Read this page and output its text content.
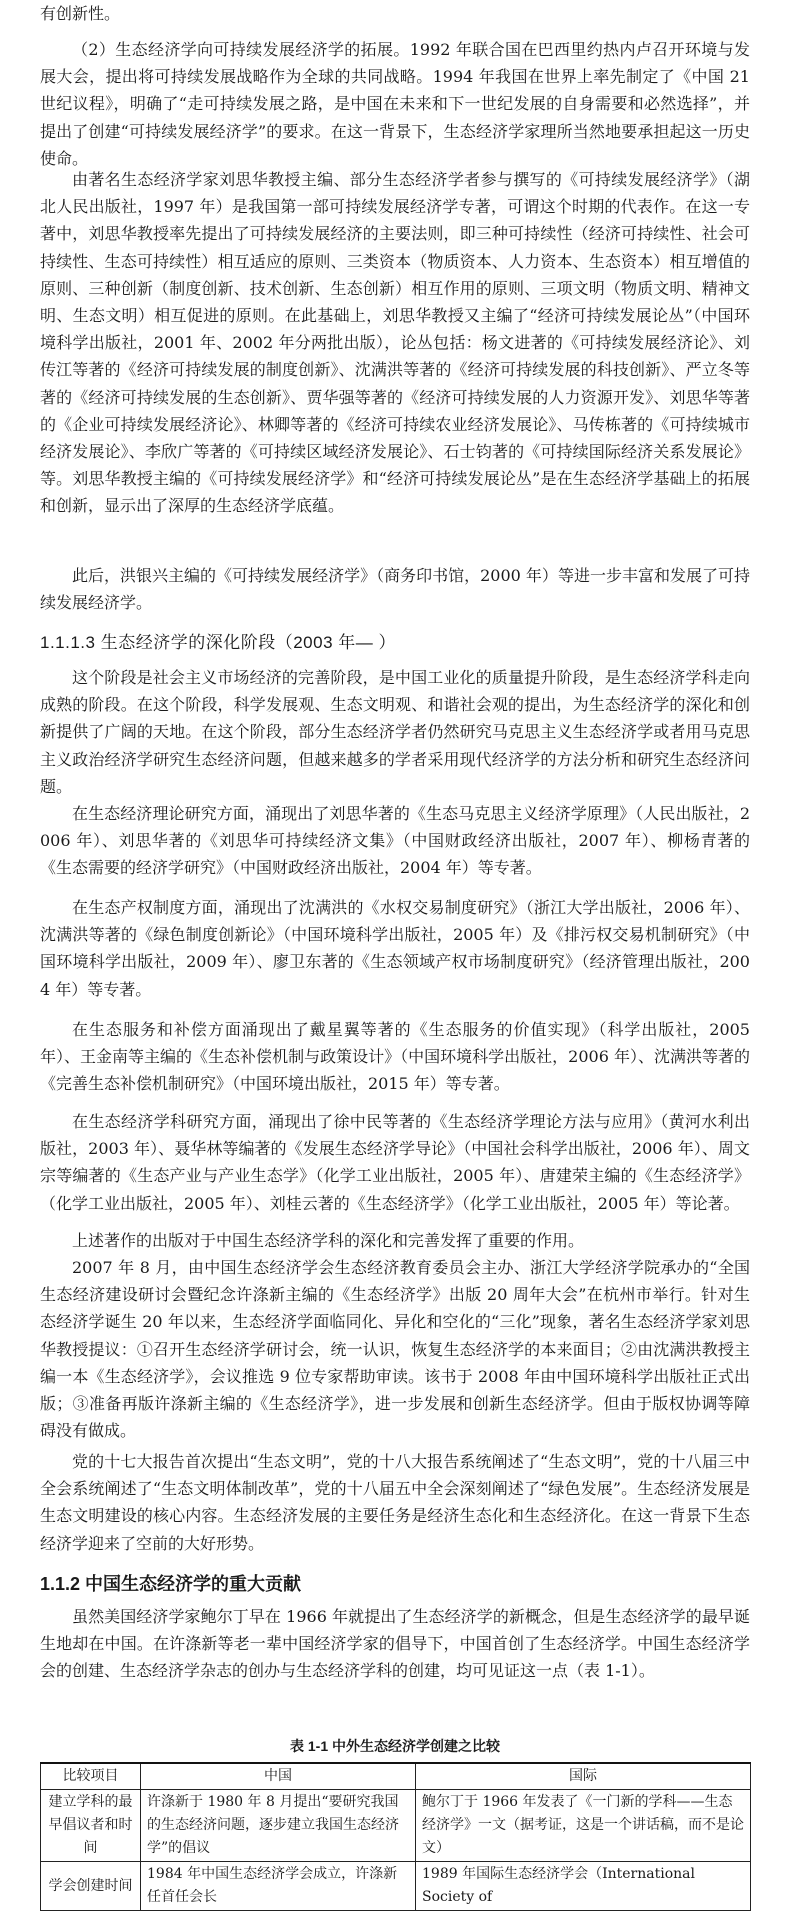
有创新性。

（2）生态经济学向可持续发展经济学的拓展。1992 年联合国在巴西里约热内卢召开环境与发展大会，提出将可持续发展战略作为全球的共同战略。1994 年我国在世界上率先制定了《中国 21 世纪议程》，明确了“走可持续发展之路，是中国在未来和下一世纪发展的自身需要和必然选择”，并提出了创建“可持续发展经济学”的要求。在这一背景下，生态经济学家理所当然地要承担起这一历史使命。

由著名生态经济学家刘思华教授主编、部分生态经济学者参与撰写的《可持续发展经济学》（湖北人民出版社，1997 年）是我国第一部可持续发展经济学专著，可谓这个时期的代表作。在这一专著中，刘思华教授率先提出了可持续发展经济的主要法则，即三种可持续性（经济可持续性、社会可持续性、生态可持续性）相互适应的原则、三类资本（物质资本、人力资本、生态资本）相互增值的原则、三种创新（制度创新、技术创新、生态创新）相互作用的原则、三项文明（物质文明、精神文明、生态文明）相互促进的原则。在此基础上，刘思华教授又主编了“经济可持续发展论丛”（中国环境科学出版社，2001 年、2002 年分两批出版），论丛包括：杨文进著的《可持续发展经济论》、刘传江等著的《经济可持续发展的制度创新》、沈满洪等著的《经济可持续发展的科技创新》、严立冬等著的《经济可持续发展的生态创新》、贾华强等著的《经济可持续发展的人力资源开发》、刘思华等著的《企业可持续发展经济论》、林卿等著的《经济可持续农业经济发展论》、马传栋著的《可持续城市经济发展论》、李欣广等著的《可持续区域经济发展论》、石士钧著的《可持续国际经济关系发展论》等。刘思华教授主编的《可持续发展经济学》和“经济可持续发展论丛”是在生态经济学基础上的拓展和创新，显示出了深厚的生态经济学底蕴。

此后，洪银兴主编的《可持续发展经济学》（商务印书馆，2000 年）等进一步丰富和发展了可持续发展经济学。

1.1.1.3 生态经济学的深化阶段（2003 年— ）

这个阶段是社会主义市场经济的完善阶段，是中国工业化的质量提升阶段，是生态经济学科走向成熟的阶段。在这个阶段，科学发展观、生态文明观、和谐社会观的提出，为生态经济学的深化和创新提供了广阔的天地。在这个阶段，部分生态经济学者仍然研究马克思主义生态经济学或者用马克思主义政治经济学研究生态经济问题，但越来越多的学者采用现代经济学的方法分析和研究生态经济问题。

在生态经济理论研究方面，涌现出了刘思华著的《生态马克思主义经济学原理》（人民出版社，2006 年）、刘思华著的《刘思华可持续经济文集》（中国财政经济出版社，2007 年）、柳杨青著的《生态需要的经济学研究》（中国财政经济出版社，2004 年）等专著。

在生态产权制度方面，涌现出了沈满洪的《水权交易制度研究》（浙江大学出版社，2006 年）、沈满洪等著的《绿色制度创新论》（中国环境科学出版社，2005 年）及《排污权交易机制研究》（中国环境科学出版社，2009 年）、廖卫东著的《生态领域产权市场制度研究》（经济管理出版社，2004 年）等专著。

在生态服务和补偿方面涌现出了戴星翼等著的《生态服务的价值实现》（科学出版社，2005 年）、王金南等主编的《生态补偿机制与政策设计》（中国环境科学出版社，2006 年）、沈满洪等著的《完善生态补偿机制研究》（中国环境出版社，2015 年）等专著。

在生态经济学科研究方面，涌现出了徐中民等著的《生态经济学理论方法与应用》（黄河水利出版社，2003 年）、聂华林等编著的《发展生态经济学导论》（中国社会科学出版社，2006 年）、周文宗等编著的《生态产业与产业生态学》（化学工业出版社，2005 年）、唐建荣主编的《生态经济学》（化学工业出版社，2005 年）、刘桂云著的《生态经济学》（化学工业出版社，2005 年）等论著。

上述著作的出版对于中国生态经济学科的深化和完善发挥了重要的作用。

2007 年 8 月，由中国生态经济学会生态经济教育委员会主办、浙江大学经济学院承办的“全国生态经济建设研讨会暨纪念许涤新主编的《生态经济学》出版 20 周年大会”在杭州市举行。针对生态经济学诞生 20 年以来，生态经济学面临同化、异化和空化的“三化”现象，著名生态经济学家刘思华教授提议：①召开生态经济学研讨会，统一认识，恢复生态经济学的本来面目；②由沈满洪教授主编一本《生态经济学》，会议推选 9 位专家帮助审读。该书于 2008 年由中国环境科学出版社正式出版；③准备再版许涤新主编的《生态经济学》，进一步发展和创新生态经济学。但由于版权协调等障碍没有做成。

党的十七大报告首次提出“生态文明”，党的十八大报告系统阐述了“生态文明”，党的十八届三中全会系统阐述了“生态文明体制改革”，党的十八届五中全会深刻阐述了“绿色发展”。生态经济发展是生态文明建设的核心内容。生态经济发展的主要任务是经济生态化和生态经济化。在这一背景下生态经济学迎来了空前的大好形势。

1.1.2 中国生态经济学的重大贡献

虽然美国经济学家鲍尔丁早在 1966 年就提出了生态经济学的新概念，但是生态经济学的最早诞生地却在中国。在许涤新等老一辈中国经济学家的倡导下，中国首创了生态经济学。中国生态经济学会的创建、生态经济学杂志的创办与生态经济学科的创建，均可见证这一点（表 1-1）。

表 1-1 中外生态经济学创建之比较
比较项目	中国	国际
建立学科的最早倡议者和时间	许涤新于 1980 年 8 月提出“要研究我国的生态经济问题，逐步建立我国生态经济学”的倡议	鲍尔丁于 1966 年发表了《一门新的学科——生态经济学》一文（据考证，这是一个讲话稿，而不是论文）
学会创建时间	1984 年中国生态经济学会成立，许涤新任首任会长	1989 年国际生态经济学会（International Society of
